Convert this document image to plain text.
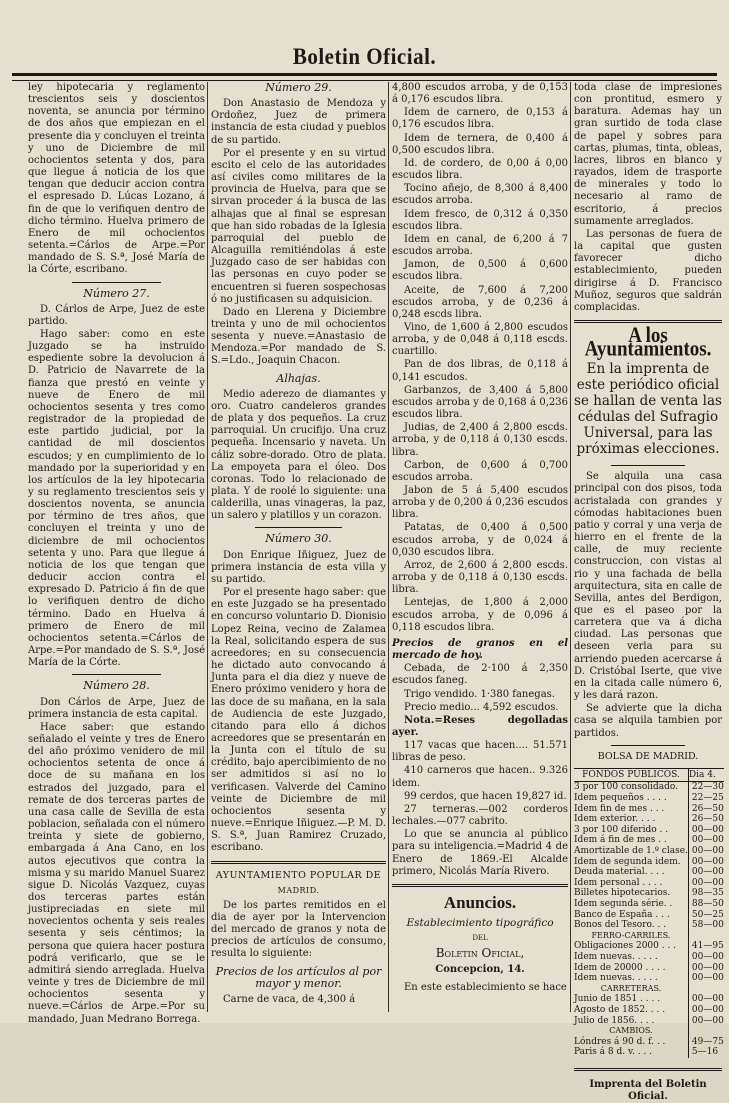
Boletin Oficial.

ley hipotecaria y reglamento trescientos seis y doscientos noventa, se anuncia por término de dos años que empiezan en el presente dia y concluyen el treinta y uno de Diciembre de mil ochocientos setenta y dos, para que llegue á noticia de los que tengan que deducir accion contra el espresado D. Lúcas Lozano, á fin de que lo verifiquen dentro de dicho término. Huelva primero de Enero de mil ochocientos setenta.=Cárlos de Arpe.=Por mandado de S. S.ª, José María de la Córte, escribano.

Número 27.

D. Cárlos de Arpe, Juez de este partido.

Hago saber: como en este Juzgado se ha instruido espediente sobre la devolucion á D. Patricio de Navarrete de la fianza que prestó en veinte y nueve de Enero de mil ochocientos sesenta y tres como registrador de la propiedad de este partido judicial, por la cantidad de mil doscientos escudos; y en cumplimiento de lo mandado por la superioridad y en los artículos de la ley hipotecaria y su reglamento trescientos seis y doscientos noventa, se anuncia por término de tres años, que concluyen el treinta y uno de diciembre de mil ochocientos setenta y uno. Para que llegue á noticia de los que tengan que deducir accion contra el expresado D. Patricio á fin de que lo verifiquen dentro de dicho término. Dado en Huelva á primero de Enero de mil ochocientos setenta.=Cárlos de Arpe.=Por mandado de S. S.ª, José María de la Córte.

Número 28.

Don Cárlos de Arpe, Juez de primera instancia de esta capital.

Hace saber: que estando señalado el veinte y tres de Enero del año próximo venidero de mil ochocientos setenta de once á doce de su mañana en los estrados del juzgado, para el remate de dos terceras partes de una casa calle de Sevilla de esta poblacion, señalada con el número treinta y siete de gobierno, embargada á Ana Cano, en los autos ejecutivos que contra la misma y su marido Manuel Suarez sigue D. Nicolás Vazquez, cuyas dos terceras partes están justipreciadas en siete mil novecientos ochenta y seis reales sesenta y seis céntimos; la persona que quiera hacer postura podrá verificarlo, que se le admitirá siendo arreglada. Huelva veinte y tres de Diciembre de mil ochocientos sesenta y nueve.=Cárlos de Arpe.=Por su mandado, Juan Medrano Borrega.

Número 29.

Don Anastasio de Mendoza y Ordoñez, Juez de primera instancia de esta ciudad y pueblos de su partido.

Por el presente y en su virtud escito el celo de las autoridades así civiles como militares de la provincia de Huelva, para que se sirvan proceder á la busca de las alhajas que al final se espresan que han sido robadas de la Iglesia parroquial del pueblo de Alcaguilla remitiéndolas á este Juzgado caso de ser habidas con las personas en cuyo poder se encuentren si fueren sospechosas ó no justificasen su adquisicion.

Dado en Llerena y Diciembre treinta y uno de mil ochocientos sesenta y nueve.=Anastasio de Mendoza.=Por mandado de S. S.=Ldo., Joaquin Chacon.

Alhajas.

Medio aderezo de diamantes y oro. Cuatro candeleros grandes de plata y dos pequeños. La cruz parroquial. Un crucifijo. Una cruz pequeña. Incensario y naveta. Un cáliz sobre-dorado. Otro de plata. La empoyeta para el óleo. Dos coronas. Todo lo relacionado de plata. Y de roolé lo siguiente: una calderilla, unas vinageras, la paz, un salero y platillos y un corazon.

Número 30.

Don Enrique Iñiguez, Juez de primera instancia de esta villa y su partido.

Por el presente hago saber: que en este Juzgado se ha presentado en concurso voluntario D. Dionisio Lopez Reina, vecino de Zalamea la Real, solicitando espera de sus acreedores; en su consecuencia he dictado auto convocando á Junta para el dia diez y nueve de Enero próximo venidero y hora de las doce de su mañana, en la sala de Audiencia de este Juzgado, citando para ello á dichos acreedores que se presentarán en la Junta con el título de su crédito, bajo apercibimiento de no ser admitidos si así no lo verificasen. Valverde del Camino veinte de Diciembre de mil ochocientos sesenta y nueve.=Enrique Iñiguez.—P. M. D. S. S.ª, Juan Ramirez Cruzado, escribano.

AYUNTAMIENTO POPULAR DE
MADRID.

De los partes remitidos en el dia de ayer por la Intervencion del mercado de granos y nota de precios de artículos de consumo, resulta lo siguiente:

Precios de los artículos al por mayor y menor.

Carne de vaca, de 4,300 á

4,800 escudos arroba, y de 0,153 á 0,176 escudos libra.

Idem de carnero, de 0,153 á 0,176 escudos libra.

Idem de ternera, de 0,400 á 0,500 escudos libra.

Id. de cordero, de 0,00 á 0,00 escudos libra.

Tocino añejo, de 8,300 á 8,400 escudos arroba.

Idem fresco, de 0,312 á 0,350 escudos libra.

Idem en canal, de 6,200 á 7 escudos arroba.

Jamon, de 0,500 á 0,600 escudos libra.

Aceite, de 7,600 á 7,200 escudos arroba, y de 0,236 á 0,248 escds libra.

Vino, de 1,600 á 2,800 escudos arroba, y de 0,048 á 0,118 escds. cuartillo.

Pan de dos libras, de 0,118 á 0,141 escudos.

Garbanzos, de 3,400 á 5,800 escudos arroba y de 0,168 á 0,236 escudos libra.

Judias, de 2,400 á 2,800 escds. arroba, y de 0,118 á 0,130 escds. libra.

Carbon, de 0,600 á 0,700 escudos arroba.

Jabon de 5 á 5,400 escudos arroba y de 0,200 á 0,236 escudos libra.

Patatas, de 0,400 á 0,500 escudos arroba, y de 0,024 á 0,030 escudos libra.

Arroz, de 2,600 á 2,800 escds. arroba y de 0,118 á 0,130 escds. libra.

Lentejas, de 1,800 á 2,000 escudos arroba, y de 0,096 á 0,118 escudos libra.

Precios de granos en el mercado de hoy.

Cebada, de 2·100 á 2,350 escudos faneg.

Trigo vendido. 1·380 fanegas.

Precio medio... 4,592 escudos.

Nota.=Reses degolladas ayer.

117 vacas que hacen.... 51.571 libras de peso.

410 carneros que hacen.. 9.326 idem.

99 cerdos, que hacen 19,827 id.

27 terneras.—002 corderos lechales.—077 cabrito.

Lo que se anuncia al público para su inteligencia.=Madrid 4 de Enero de 1869.-El Alcalde primero, Nicolás María Rivero.

Anuncios.
Establecimiento tipográfico
DEL
Boletin Oficial,
Concepcion, 14.

En este establecimiento se hace

toda clase de impresiones con prontitud, esmero y baratura. Ademas hay un gran surtido de toda clase de papel y sobres para cartas, plumas, tinta, obleas, lacres, libros en blanco y rayados, idem de trasporte de minerales y todo lo necesario al ramo de escritorio, á precios sumamente arreglados.

Las personas de fuera de la capital que gusten favorecer dicho establecimiento, pueden dirigirse á D. Francisco Muñoz, seguros que saldrán complacidas.

A los Ayuntamientos.
En la imprenta de este periódico oficial se hallan de venta las cédulas del Sufragio Universal, para las próximas elecciones.

Se alquila una casa principal con dos pisos, toda acristalada con grandes y cómodas habitaciones buen patio y corral y una verja de hierro en el frente de la calle, de muy reciente construccion, con vistas al rio y una fachada de bella arquitectura, sita en calle de Sevilla, antes del Berdigon, que es el paseo por la carretera que va á dicha ciudad. Las personas que deseen verla para su arriendo pueden acercarse á D. Cristóbal Iserte, que vive en la citada calle número 6, y les dará razon.

Se advierte que la dicha casa se alquila tambien por partidos.

BOLSA DE MADRID.
FONDOS PÚBLICOS.	Dia 4.
3 por 100 consolidado.	22—30
Idem pequeños . . . .	22—25
Idem fin de mes . . .	26—50
Idem exterior. . . .	26—50
3 por 100 diferido . .	00—00
Idem á fin de mes . .	00—00
Amortizable de 1.º clase.	00—00
Idem de segunda idem.	00—00
Deuda material. . . .	00—00
Idem personal . . . .	00—00
Billetes hipotecarios.	98—35
Idem segunda série. .	88—50
Banco de España . . .	50—25
Bonos del Tesoro. . .	58—00
FERRO-CARRILES.	
Obligaciones 2000 . . .	41—95
Idem nuevas. . . . .	00—00
Idem de 20000 . . . .	00—00
Idem nuevas. . . . .	00—00
CARRETERAS.	
Junio de 1851 . . . .	00—00
Agosto de 1852. . . .	00—00
Julio de 1856. . . .	00—00
CAMBIOS.	
Lóndres á 90 d. f. . .	49—75
Paris á 8 d. v. . . .	5—16
Imprenta del Boletin Oficial.
